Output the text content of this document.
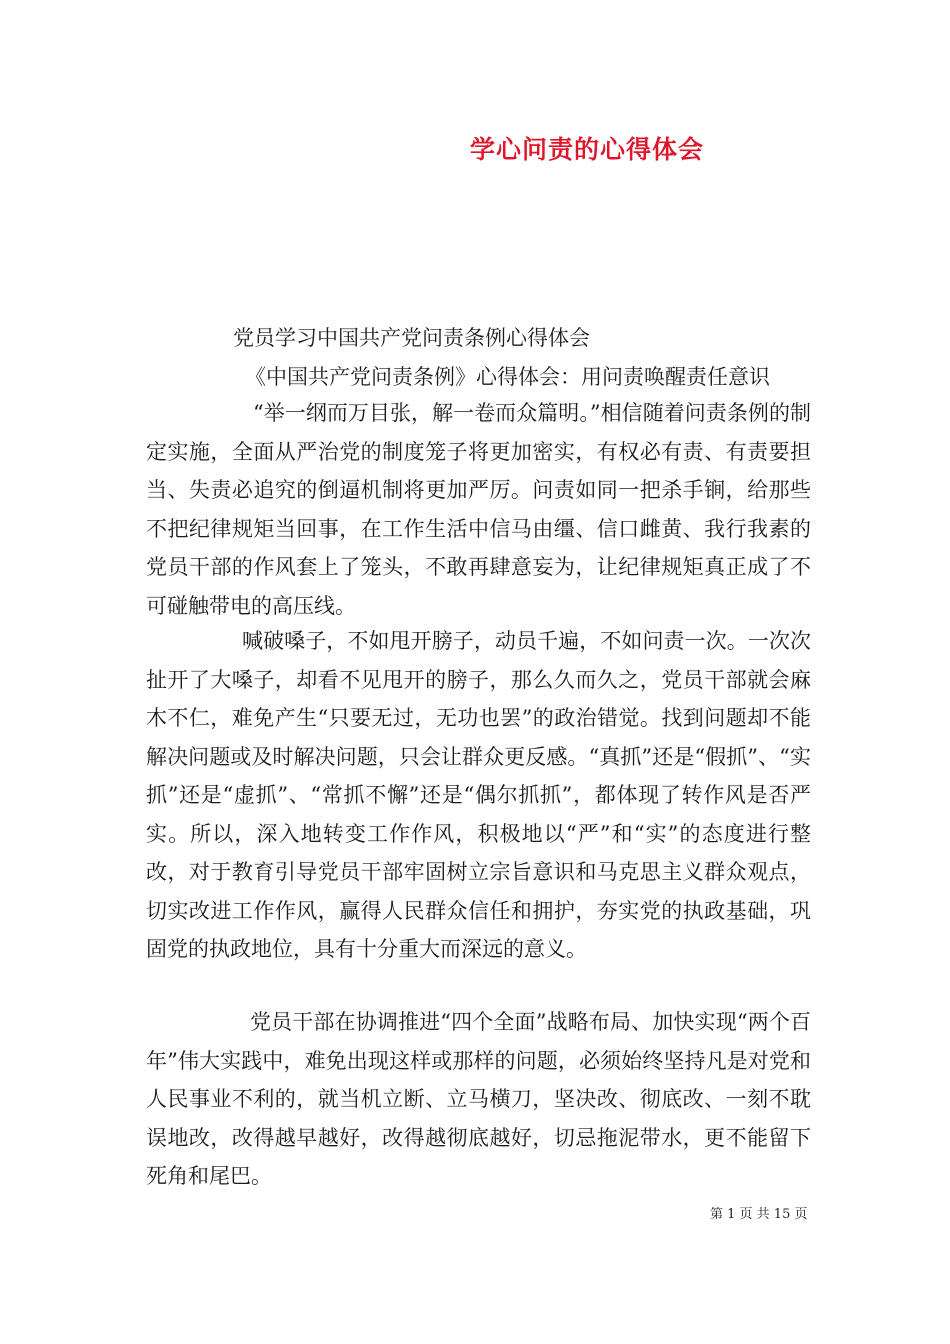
学心问责的心得体会
党员学习中国共产党问责条例心得体会
《中国共产党问责条例》心得体会：用问责唤醒责任意识

“举一纲而万目张，解一卷而众篇明。”相信随着问责条例的制定实施，全面从严治党的制度笼子将更加密实，有权必有责、有责要担当、失责必追究的倒逼机制将更加严厉。问责如同一把杀手锏，给那些不把纪律规矩当回事，在工作生活中信马由缰、信口雌黄、我行我素的党员干部的作风套上了笼头，不敢再肆意妄为，让纪律规矩真正成了不可碰触带电的高压线。

喊破嗓子，不如甩开膀子，动员千遍，不如问责一次。一次次扯开了大嗓子，却看不见甩开的膀子，那么久而久之，党员干部就会麻木不仁，难免产生“只要无过，无功也罢”的政治错觉。找到问题却不能解决问题或及时解决问题，只会让群众更反感。“真抓”还是“假抓”、“实抓”还是“虚抓”、“常抓不懈”还是“偶尔抓抓”，都体现了转作风是否严实。所以，深入地转变工作作风，积极地以“严”和“实”的态度进行整改，对于教育引导党员干部牢固树立宗旨意识和马克思主义群众观点，切实改进工作作风，赢得人民群众信任和拥护，夯实党的执政基础，巩固党的执政地位，具有十分重大而深远的意义。

党员干部在协调推进“四个全面”战略布局、加快实现“两个百年”伟大实践中，难免出现这样或那样的问题，必须始终坚持凡是对党和人民事业不利的，就当机立断、立马横刀，坚决改、彻底改、一刻不耽误地改，改得越早越好，改得越彻底越好，切忌拖泥带水，更不能留下死角和尾巴。

第 1 页 共 15 页
